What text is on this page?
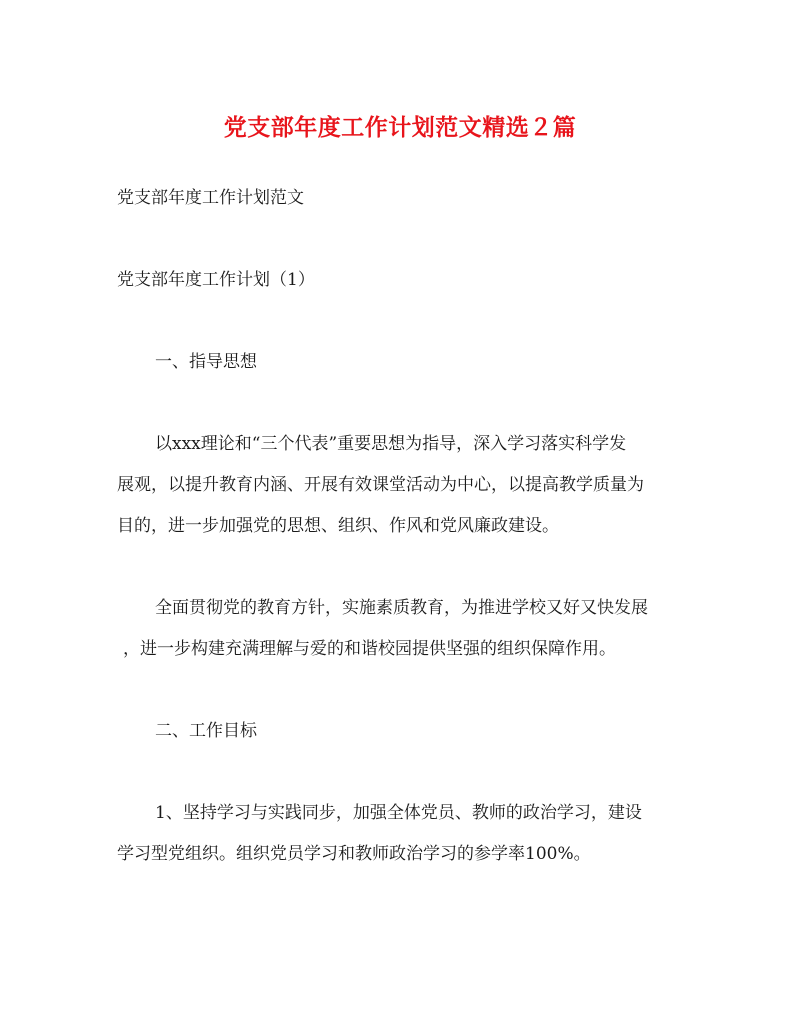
党支部年度工作计划范文精选２篇
党支部年度工作计划范文
党支部年度工作计划（1）
一、指导思想
以xxx理论和“三个代表”重要思想为指导，深入学习落实科学发
展观，以提升教育内涵、开展有效课堂活动为中心，以提高教学质量为
目的，进一步加强党的思想、组织、作风和党风廉政建设。
全面贯彻党的教育方针，实施素质教育，为推进学校又好又快发展
，进一步构建充满理解与爱的和谐校园提供坚强的组织保障作用。
二、工作目标
1、坚持学习与实践同步，加强全体党员、教师的政治学习，建设
学习型党组织。组织党员学习和教师政治学习的参学率100%。
